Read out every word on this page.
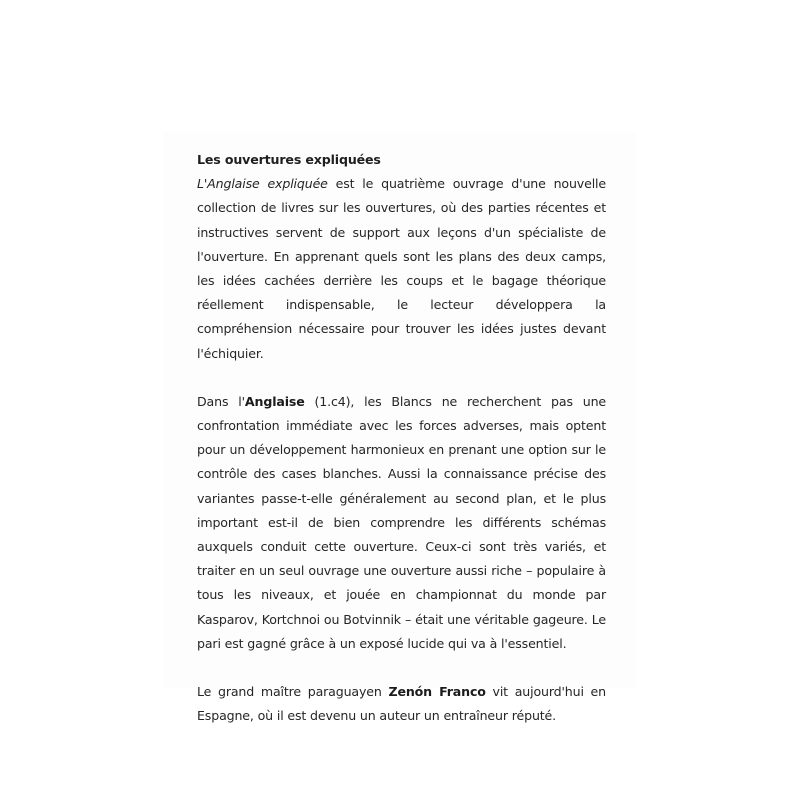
Les ouvertures expliquées

L'Anglaise expliquée est le quatrième ouvrage d'une nouvelle collection de livres sur les ouvertures, où des parties récentes et instructives servent de support aux leçons d'un spécialiste de l'ouverture. En apprenant quels sont les plans des deux camps, les idées cachées derrière les coups et le bagage théorique réellement indispensable, le lecteur développera la compréhension nécessaire pour trouver les idées justes devant l'échiquier.

Dans l'Anglaise (1.c4), les Blancs ne recherchent pas une confrontation immédiate avec les forces adverses, mais optent pour un développement harmonieux en prenant une option sur le contrôle des cases blanches. Aussi la connaissance précise des variantes passe-t-elle généralement au second plan, et le plus important est-il de bien comprendre les différents schémas auxquels conduit cette ouverture. Ceux-ci sont très variés, et traiter en un seul ouvrage une ouverture aussi riche – populaire à tous les niveaux, et jouée en championnat du monde par Kasparov, Kortchnoi ou Botvinnik – était une véritable gageure. Le pari est gagné grâce à un exposé lucide qui va à l'essentiel.

Le grand maître paraguayen Zenón Franco vit aujourd'hui en Espagne, où il est devenu un auteur un entraîneur réputé.
